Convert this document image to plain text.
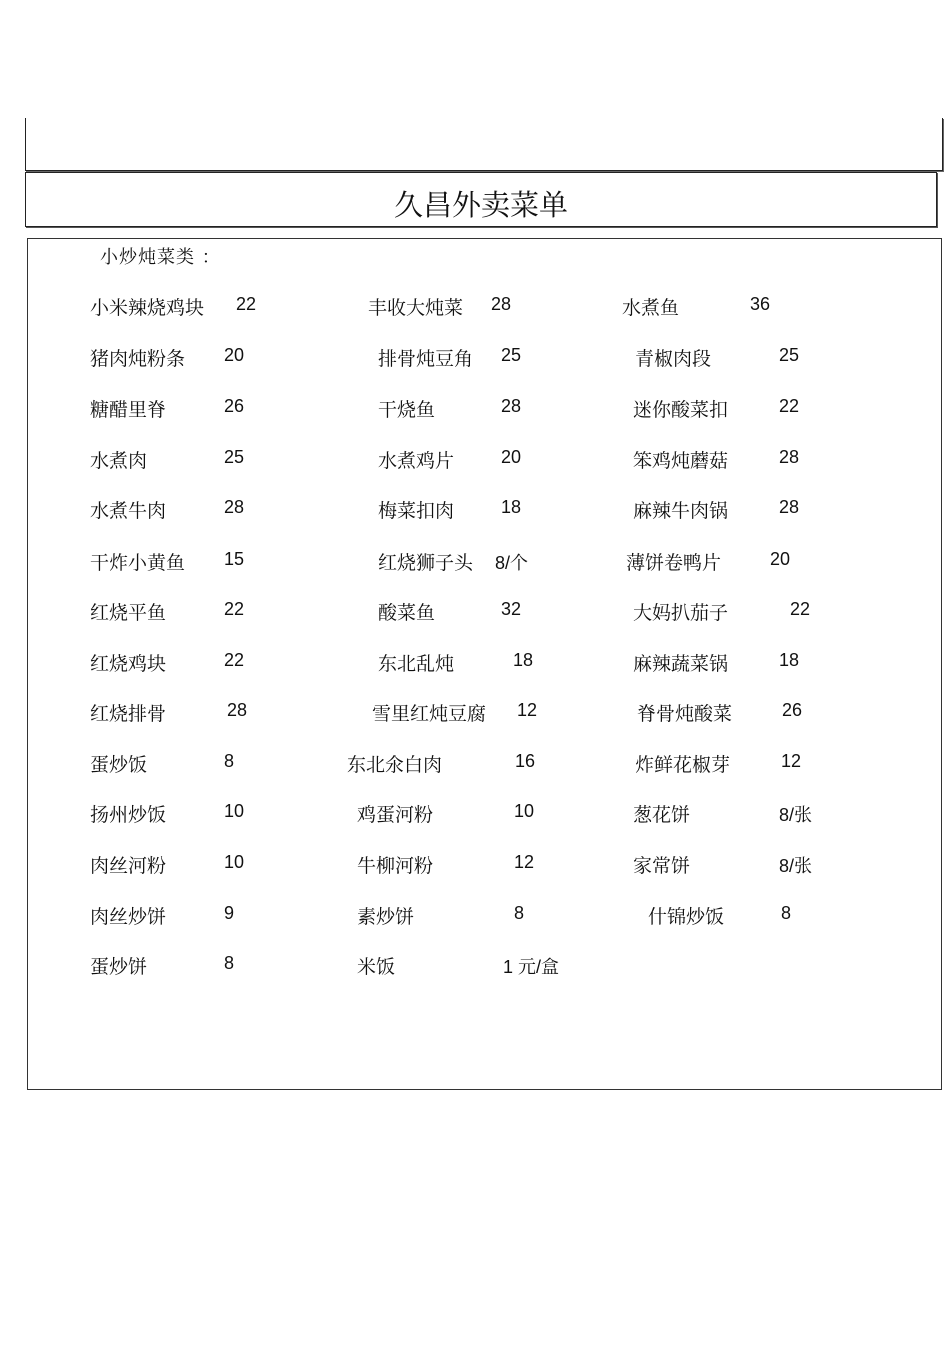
久昌外卖菜单
小炒炖菜类 ：
小米辣烧鸡块 22	丰收大炖菜 28	水煮鱼	36
猪肉炖粉条 20	排骨炖豆角 25	青椒肉段	25
糖醋里脊	26	干烧鱼	28	迷你酸菜扣	22
水煮肉	25	水煮鸡片	20	笨鸡炖蘑菇	28
水煮牛肉	28	梅菜扣肉	18	麻辣牛肉锅	28
干炸小黄鱼 15	红烧狮子头 8/个	薄饼卷鸭片	20
红烧平鱼	22	酸菜鱼	32	大妈扒茄子	22
红烧鸡块	22	东北乱炖	18	麻辣蔬菜锅	18
红烧排骨	28	雪里红炖豆腐 12	脊骨炖酸菜	26
蛋炒饭	8	东北氽白肉	16	炸鲜花椒芽	12
扬州炒饭	10	鸡蛋河粉	10	葱花饼	8/张
肉丝河粉	10	牛柳河粉	12	家常饼	8/张
肉丝炒饼	9	素炒饼	8	什锦炒饭	8
蛋炒饼	8	米饭	1 元/盒
